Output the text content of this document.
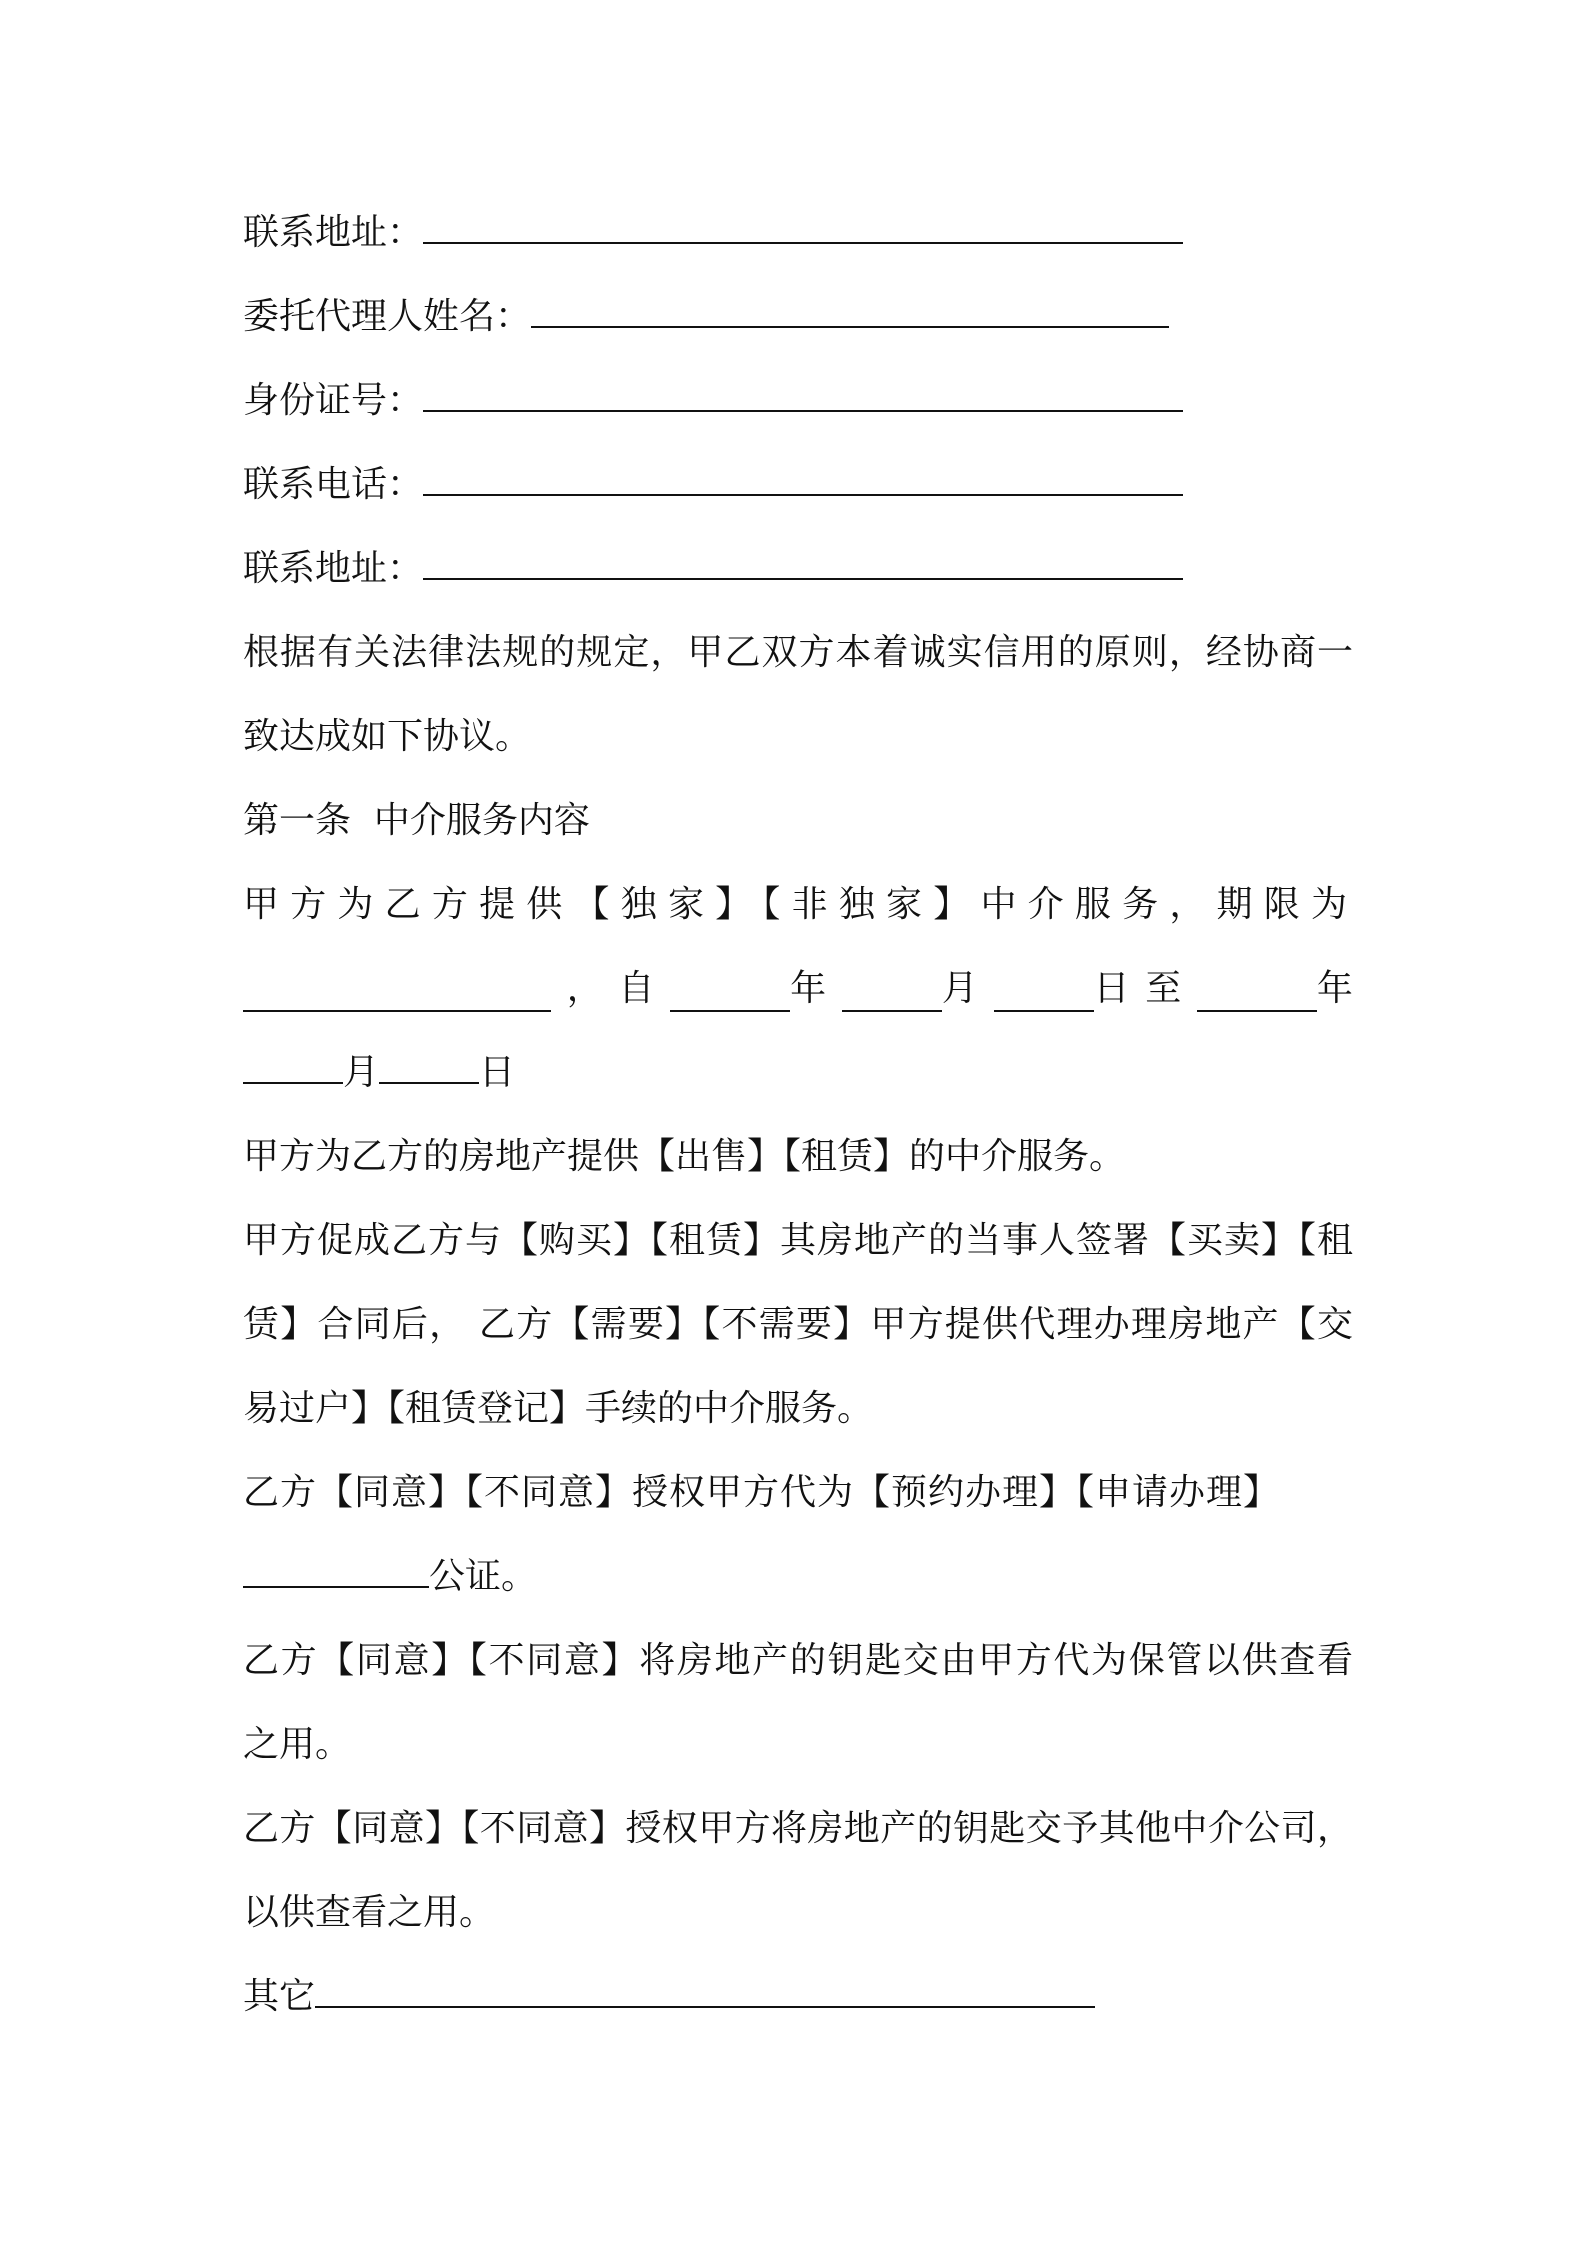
联系地址：
委托代理人姓名：
身份证号：
联系电话：
联系地址：
根据有关法律法规的规定，甲乙双方本着诚实信用的原则，经协商一
致达成如下协议。
第一条  中介服务内容
甲方为乙方提供【独家】【非独家】中介服务，期限为
， 自	年	月	日 至	年
月	日
甲方为乙方的房地产提供【出售】【租赁】的中介服务。
甲方促成乙方与【购买】【租赁】其房地产的当事人签署【买卖】【租
赁】合同后， 乙方【需要】【不需要】甲方提供代理办理房地产【交
易过户】【租赁登记】手续的中介服务。
乙方【同意】【不同意】授权甲方代为【预约办理】【申请办理】
公证。
乙方【同意】【不同意】将房地产的钥匙交由甲方代为保管以供查看
之用。
乙方【同意】【不同意】授权甲方将房地产的钥匙交予其他中介公司，
以供查看之用。
其它
